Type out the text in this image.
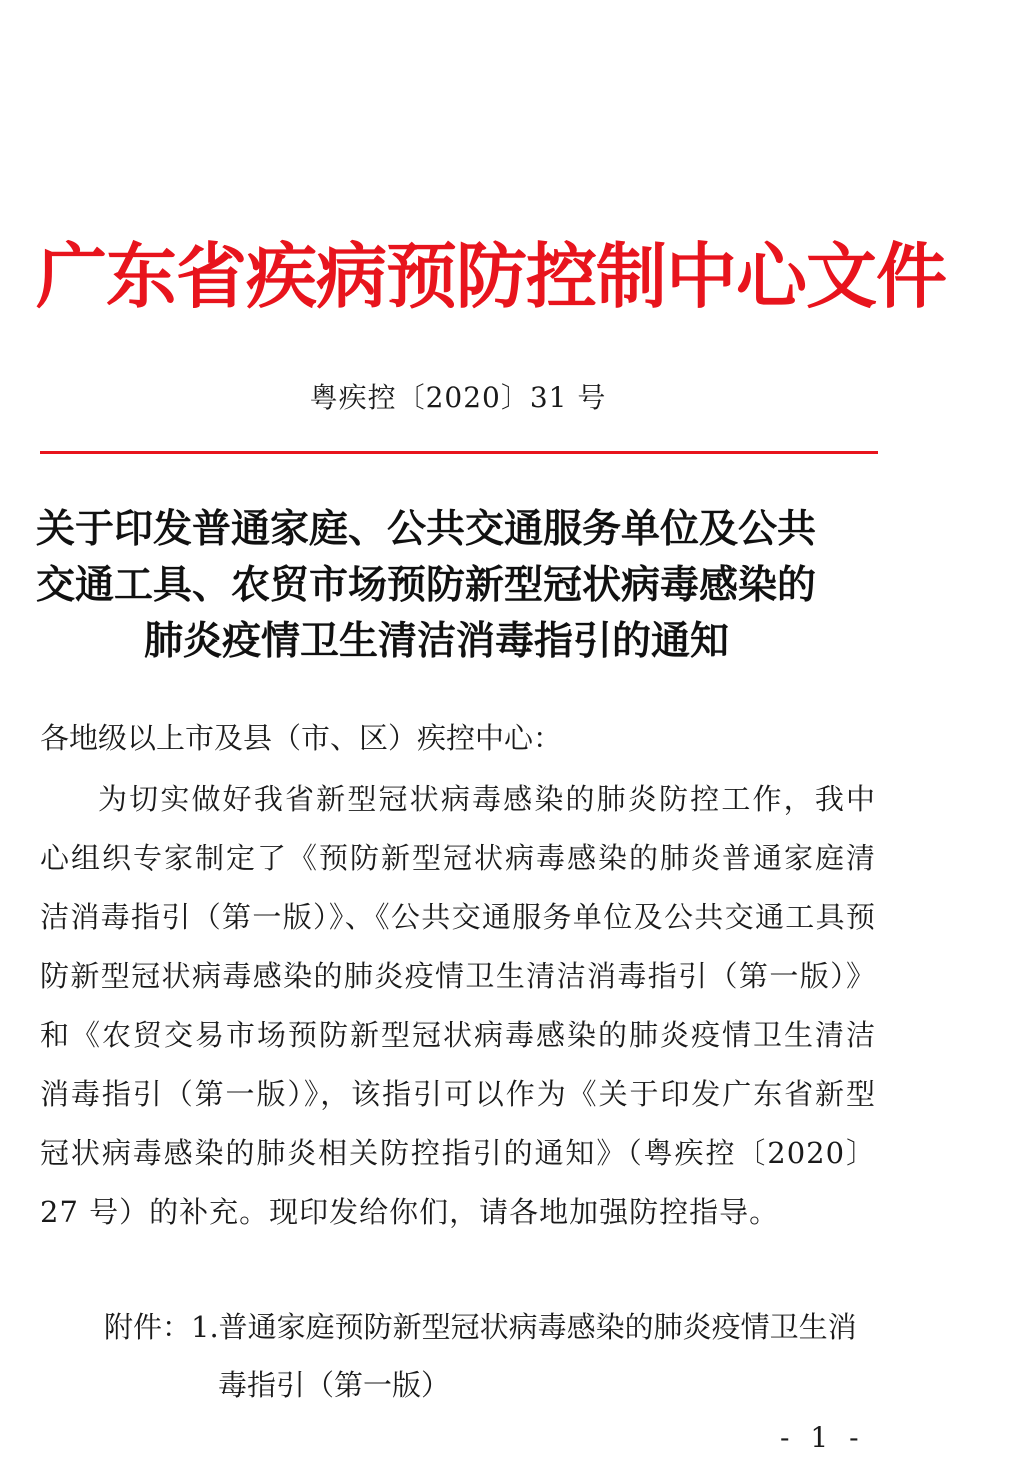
广东省疾病预防控制中心文件
粤疾控〔2020〕31 号
关于印发普通家庭、公共交通服务单位及公共
交通工具、农贸市场预防新型冠状病毒感染的
肺炎疫情卫生清洁消毒指引的通知
各地级以上市及县（市、区）疾控中心：
为切实做好我省新型冠状病毒感染的肺炎防控工作，我中心组织专家制定了《预防新型冠状病毒感染的肺炎普通家庭清洁消毒指引（第一版）》、《公共交通服务单位及公共交通工具预防新型冠状病毒感染的肺炎疫情卫生清洁消毒指引（第一版）》和《农贸交易市场预防新型冠状病毒感染的肺炎疫情卫生清洁消毒指引（第一版）》，该指引可以作为《关于印发广东省新型冠状病毒感染的肺炎相关防控指引的通知》（粤疾控〔2020〕27 号）的补充。现印发给你们，请各地加强防控指导。
附件：1.普通家庭预防新型冠状病毒感染的肺炎疫情卫生消
毒指引（第一版）
- 1 -
